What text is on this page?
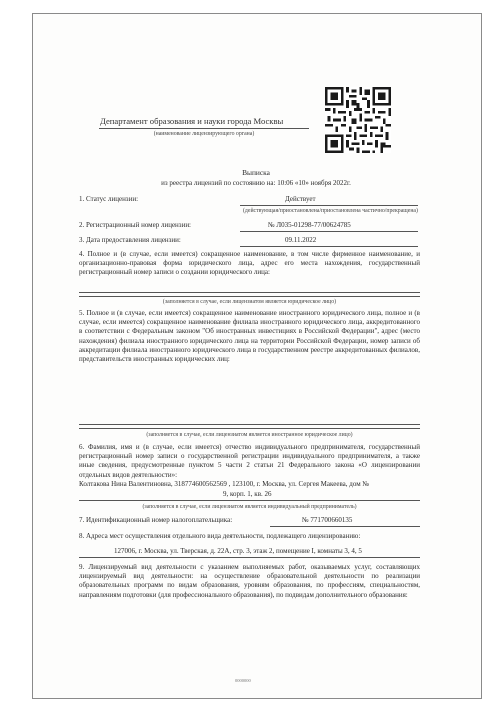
Департамент образования и науки города Москвы
(наименование лицензирующего органа)
Выписка
из реестра лицензий по состоянию на: 10:06 «10» ноября 2022г.
1. Статус лицензии:	Действует
(действующая/приостановлена/приостановлена частично/прекращена)
2. Регистрационный номер лицензии:	№ Л035-01298-77/00624785
3. Дата предоставления лицензии:	09.11.2022
4. Полное и (в случае, если имеется) сокращенное наименование, в том числе фирменное наименование, и организационно-правовая форма юридического лица, адрес его места нахождения, государственный регистрационный номер записи о создании юридического лица:
(заполняется в случае, если лицензиатом является юридическое лицо)
5. Полное и (в случае, если имеется) сокращенное наименование иностранного юридического лица, полное и (в случае, если имеется) сокращенное наименование филиала иностранного юридического лица, аккредитованного в соответствии с Федеральным законом "Об иностранных инвестициях в Российской Федерации", адрес (место нахождения) филиала иностранного юридического лица на территории Российской Федерации, номер записи об аккредитации филиала иностранного юридического лица в государственном реестре аккредитованных филиалов, представительств иностранных юридических лиц:
(заполняется в случае, если лицензиатом является иностранное юридическое лицо)
6. Фамилия, имя и (в случае, если имеется) отчество индивидуального предпринимателя, государственный регистрационный номер записи о государственной регистрации индивидуального предпринимателя, а также иные сведения, предусмотренные пунктом 5 части 2 статьи 21 Федерального закона «О лицензировании отдельных видов деятельности»:
Колтакова Нина Валентиновна, 318774600562569 , 123100, г. Москва, ул. Сергея Макеева, дом №
9, корп. 1, кв. 26
(заполняется в случае, если лицензиатом является индивидуальный предприниматель)
7. Идентификационный номер налогоплательщика:	№ 771700660135
8. Адреса мест осуществления отдельного вида деятельности, подлежащего лицензированию:
127006, г. Москва, ул. Тверская, д. 22А, стр. 3, этаж 2, помещение I, комнаты 3, 4, 5
9. Лицензируемый вид деятельности с указанием выполняемых работ, оказываемых услуг, составляющих лицензируемый вид деятельности: на осуществление образовательной деятельности по реализации образовательных программ по видам образования, уровням образования, по профессиям, специальностям, направлениям подготовки (для профессионального образования), по подвидам дополнительного образования:
0000000
